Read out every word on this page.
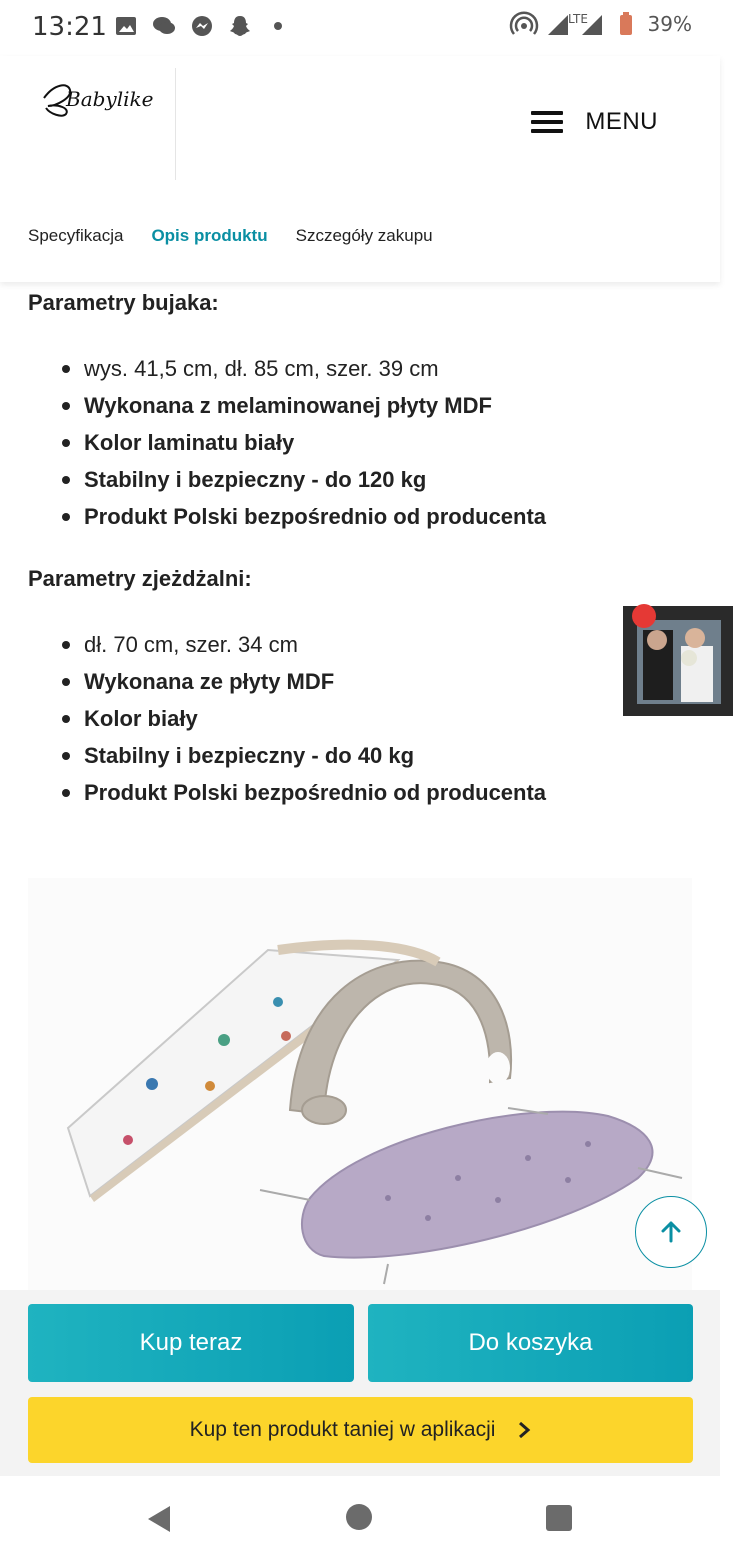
13:21	LTE	39%
Babylike
MENU
Specyfikacja Opis produktu Szczegóły zakupu

Parametry bujaka:

wys. 41,5 cm, dł. 85 cm, szer. 39 cm
Wykonana z melaminowanej płyty MDF
Kolor laminatu biały
Stabilny i bezpieczny - do 120 kg
Produkt Polski bezpośrednio od producenta

Parametry zjeżdżalni:

dł. 70 cm, szer. 34 cm
Wykonana ze płyty MDF
Kolor biały
Stabilny i bezpieczny - do 40 kg
Produkt Polski bezpośrednio od producenta
Kup teraz	Do koszyka
Kup ten produkt taniej w aplikacji
